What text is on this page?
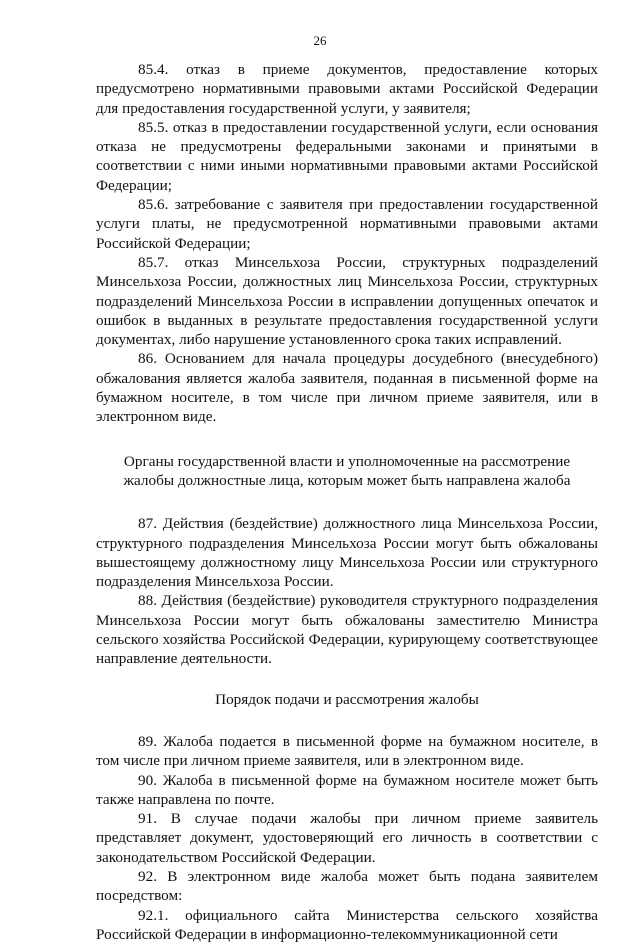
26

85.4. отказ в приеме документов, предоставление которых предусмотрено нормативными правовыми актами Российской Федерации для предоставления государственной услуги, у заявителя;

85.5. отказ в предоставлении государственной услуги, если основания отказа не предусмотрены федеральными законами и принятыми в соответствии с ними иными нормативными правовыми актами Российской Федерации;

85.6. затребование с заявителя при предоставлении государственной услуги платы, не предусмотренной нормативными правовыми актами Российской Федерации;

85.7. отказ Минсельхоза России, структурных подразделений Минсельхоза России, должностных лиц Минсельхоза России, структурных подразделений Минсельхоза России в исправлении допущенных опечаток и ошибок в выданных в результате предоставления государственной услуги документах, либо нарушение установленного срока таких исправлений.

86. Основанием для начала процедуры досудебного (внесудебного) обжалования является жалоба заявителя, поданная в письменной форме на бумажном носителе, в том числе при личном приеме заявителя, или в электронном виде.

Органы государственной власти и уполномоченные на рассмотрение жалобы должностные лица, которым может быть направлена жалоба

87. Действия (бездействие) должностного лица Минсельхоза России, структурного подразделения Минсельхоза России могут быть обжалованы вышестоящему должностному лицу Минсельхоза России или структурного подразделения Минсельхоза России.

88. Действия (бездействие) руководителя структурного подразделения Минсельхоза России могут быть обжалованы заместителю Министра сельского хозяйства Российской Федерации, курирующему соответствующее направление деятельности.

Порядок подачи и рассмотрения жалобы

89. Жалоба подается в письменной форме на бумажном носителе, в том числе при личном приеме заявителя, или в электронном виде.

90. Жалоба в письменной форме на бумажном носителе может быть также направлена по почте.

91. В случае подачи жалобы при личном приеме заявитель представляет документ, удостоверяющий его личность в соответствии с законодательством Российской Федерации.

92. В электронном виде жалоба может быть подана заявителем посредством:

92.1. официального сайта Министерства сельского хозяйства Российской Федерации в информационно-телекоммуникационной сети
